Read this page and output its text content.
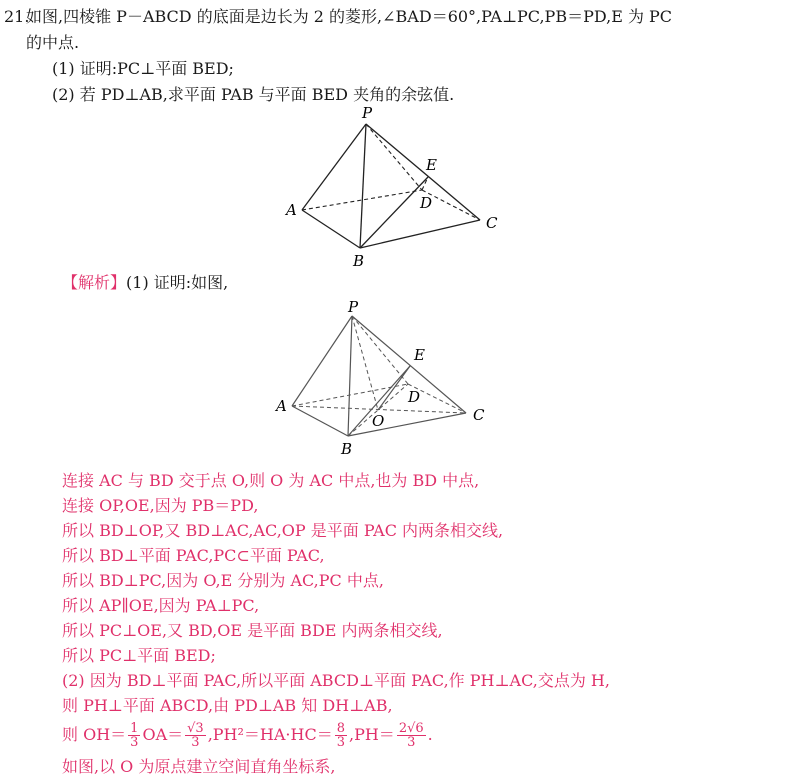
21.
如图,四棱锥 P－ABCD 的底面是边长为 2 的菱形,∠BAD＝60°,PA⊥PC,PB＝PD,E 为 PC
的中点.
(1) 证明:PC⊥平面 BED;
(2) 若 PD⊥AB,求平面 PAB 与平面 BED 夹角的余弦值.
P
E
D
A
C
B
【解析】(1) 证明:如图,
P
E
D
A
O	C
B
连接 AC 与 BD 交于点 O,则 O 为 AC 中点,也为 BD 中点,
连接 OP,OE,因为 PB＝PD,
所以 BD⊥OP,又 BD⊥AC,AC,OP 是平面 PAC 内两条相交线,
所以 BD⊥平面 PAC,PC⊂平面 PAC,
所以 BD⊥PC,因为 O,E 分别为 AC,PC 中点,
所以 AP∥OE,因为 PA⊥PC,
所以 PC⊥OE,又 BD,OE 是平面 BDE 内两条相交线,
所以 PC⊥平面 BED;
(2) 因为 BD⊥平面 PAC,所以平面 ABCD⊥平面 PAC,作 PH⊥AC,交点为 H,
则 PH⊥平面 ABCD,由 PD⊥AB 知 DH⊥AB,
则 $OH= \frac{1}{3} OA= \frac{√3}{3} ,PH^2=HA\cdot HC= \frac{8}{3} ,PH= \frac{2√6}{3}$ .
如图,以 O 为原点建立空间直角坐标系,
